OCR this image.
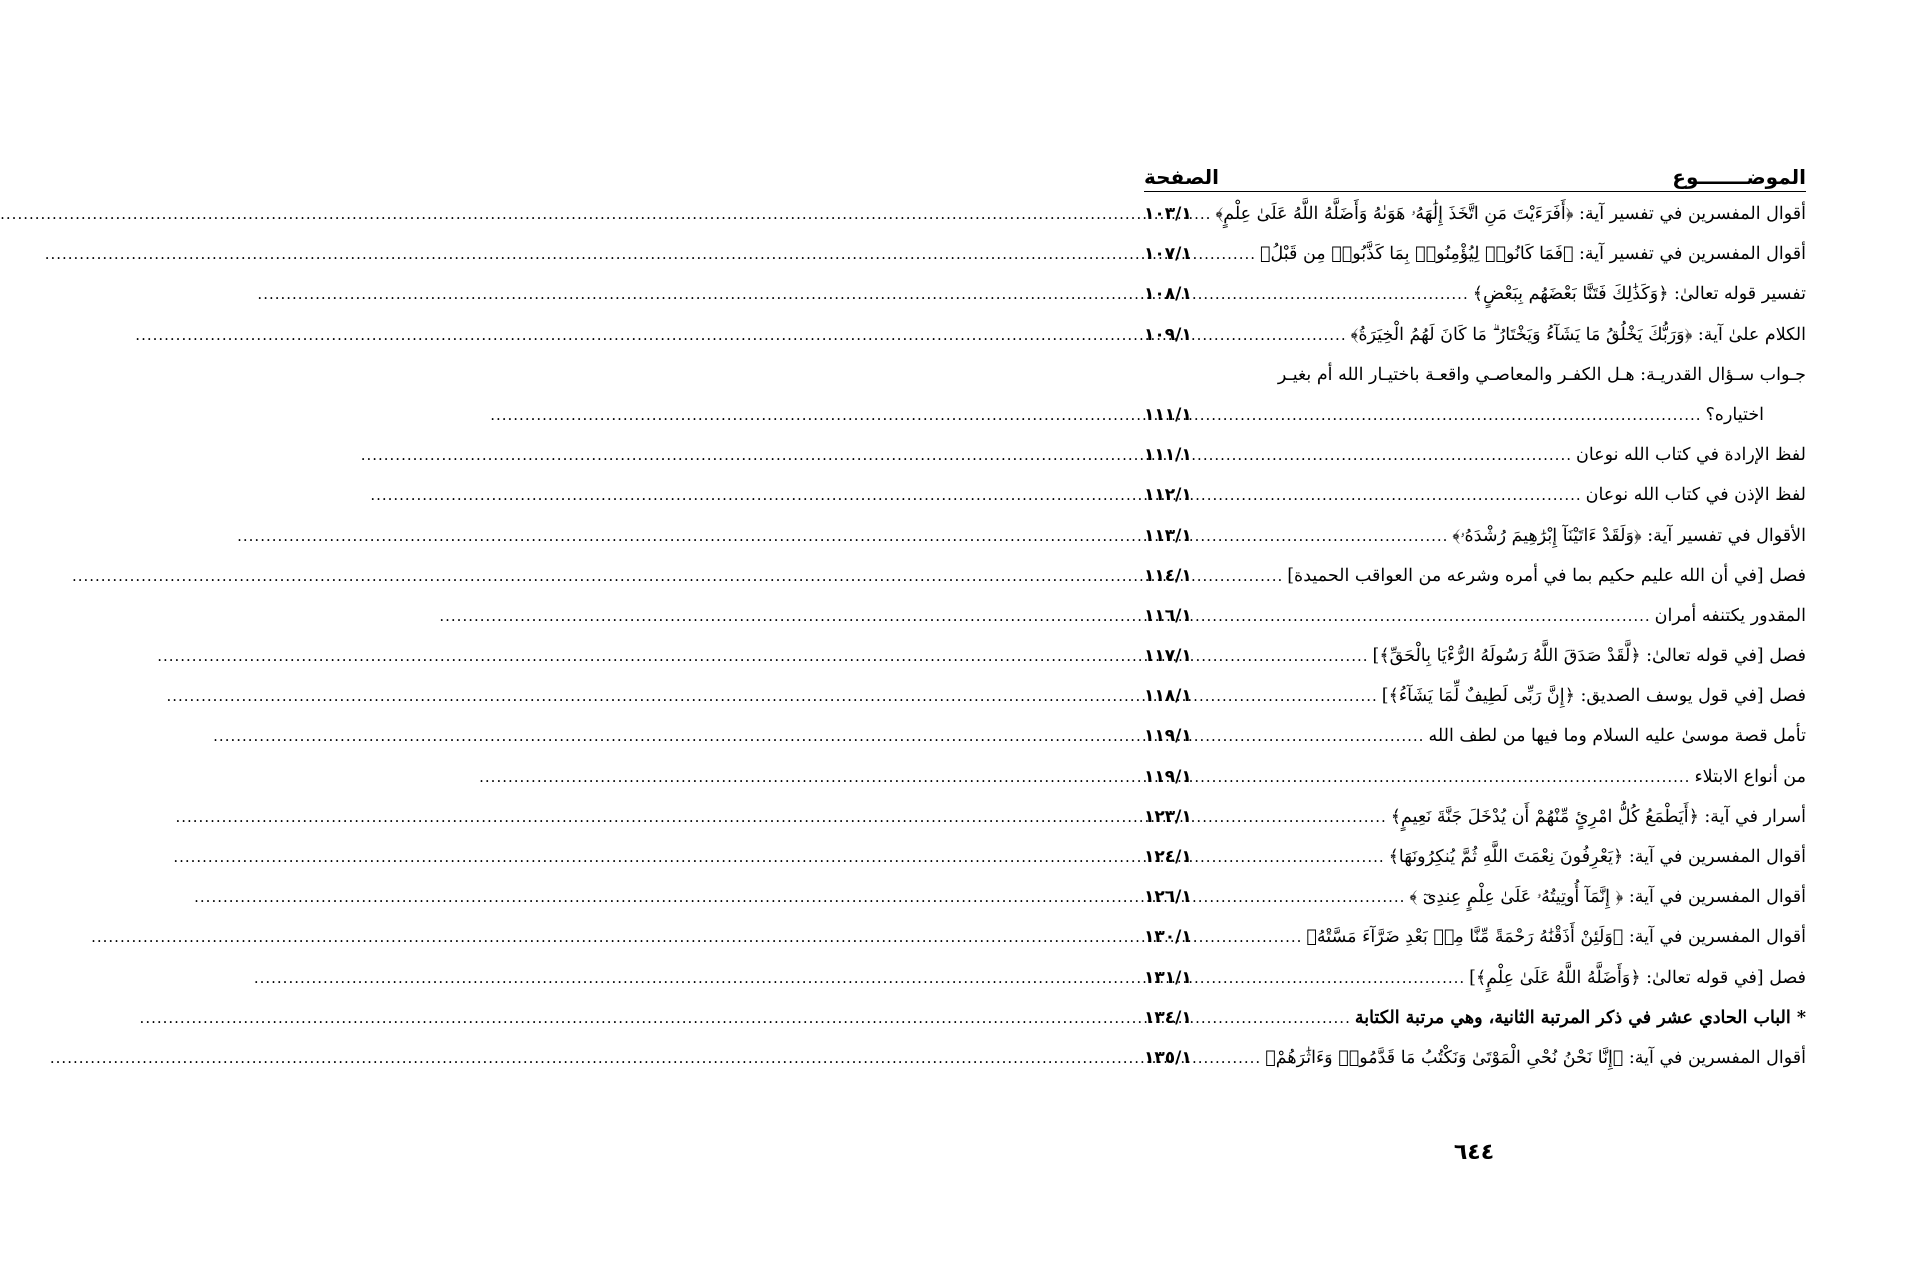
الموضـــــــوع
الصفحة
أقوال المفسرين في تفسير آية: ﴿أَفَرَءَيْتَ مَنِ اتَّخَذَ إِلَٰهَهُۥ هَوَىٰهُ وَأَضَلَّهُ اللَّهُ عَلَىٰ عِلْمٍ﴾
.....
١٠٣/١
أقوال المفسرين في تفسير آية: ﴿فَمَا كَانُوا۟ لِيُؤْمِنُوا۟ بِمَا كَذَّبُوا۟ مِن قَبْلُ﴾
.....
١٠٧/١
تفسير قوله تعالىٰ: ﴿وَكَذَٰلِكَ فَتَنَّا بَعْضَهُم بِبَعْضٍ﴾
.....
١٠٨/١
الكلام علىٰ آية: ﴿وَرَبُّكَ يَخْلُقُ مَا يَشَآءُ وَيَخْتَارُ ۗ مَا كَانَ لَهُمُ الْخِيَرَةُ﴾
.....
١٠٩/١
جـواب سـؤال القدريـة: هـل الكفـر والمعاصـي واقعـة باختيـار الله أم بغيـر
اختياره؟
.....
١١١/١
لفظ الإرادة في كتاب الله نوعان
.....
١١١/١
لفظ الإذن في كتاب الله نوعان
.....
١١٢/١
الأقوال في تفسير آية: ﴿وَلَقَدْ ءَاتَيْنَآ إِبْرَٰهِيمَ رُشْدَهُۥ﴾
.....
١١٣/١
فصل [في أن الله عليم حكيم بما في أمره وشرعه من العواقب الحميدة]
.....
١١٤/١
المقدور يكتنفه أمران
.....
١١٦/١
فصل [في قوله تعالىٰ: ﴿لَّقَدْ صَدَقَ اللَّهُ رَسُولَهُ الرُّءْيَا بِالْحَقِّ﴾]
.....
١١٧/١
فصل [في قول يوسف الصديق: ﴿إِنَّ رَبِّى لَطِيفٌ لِّمَا يَشَآءُ﴾]
.....
١١٨/١
تأمل قصة موسىٰ عليه السلام وما فيها من لطف الله
.....
١١٩/١
من أنواع الابتلاء
.....
١١٩/١
أسرار في آية: ﴿أَيَطْمَعُ كُلُّ امْرِئٍ مِّنْهُمْ أَن يُدْخَلَ جَنَّةَ نَعِيمٍ﴾
.....
١٢٣/١
أقوال المفسرين في آية: ﴿يَعْرِفُونَ نِعْمَتَ اللَّهِ ثُمَّ يُنكِرُونَهَا﴾
.....
١٢٤/١
أقوال المفسرين في آية: ﴿ إِنَّمَآ أُوتِيتُهُۥ عَلَىٰ عِلْمٍ عِندِىٓ ﴾
.....
١٢٦/١
أقوال المفسرين في آية: ﴿وَلَئِنْ أَذَقْنَٰهُ رَحْمَةً مِّنَّا مِنۢ بَعْدِ ضَرَّآءَ مَسَّتْهُ﴾
.....
١٣٠/١
فصل [في قوله تعالىٰ: ﴿وَأَضَلَّهُ اللَّهُ عَلَىٰ عِلْمٍ﴾]
.....
١٣١/١
* الباب الحادي عشر في ذكر المرتبة الثانية، وهي مرتبة الكتابة
.....
١٣٤/١
أقوال المفسرين في آية: ﴿إِنَّا نَحْنُ نُحْىِ الْمَوْتَىٰ وَنَكْتُبُ مَا قَدَّمُوا۟ وَءَاثَٰرَهُمْ﴾
.....
١٣٥/١
٦٤٤
